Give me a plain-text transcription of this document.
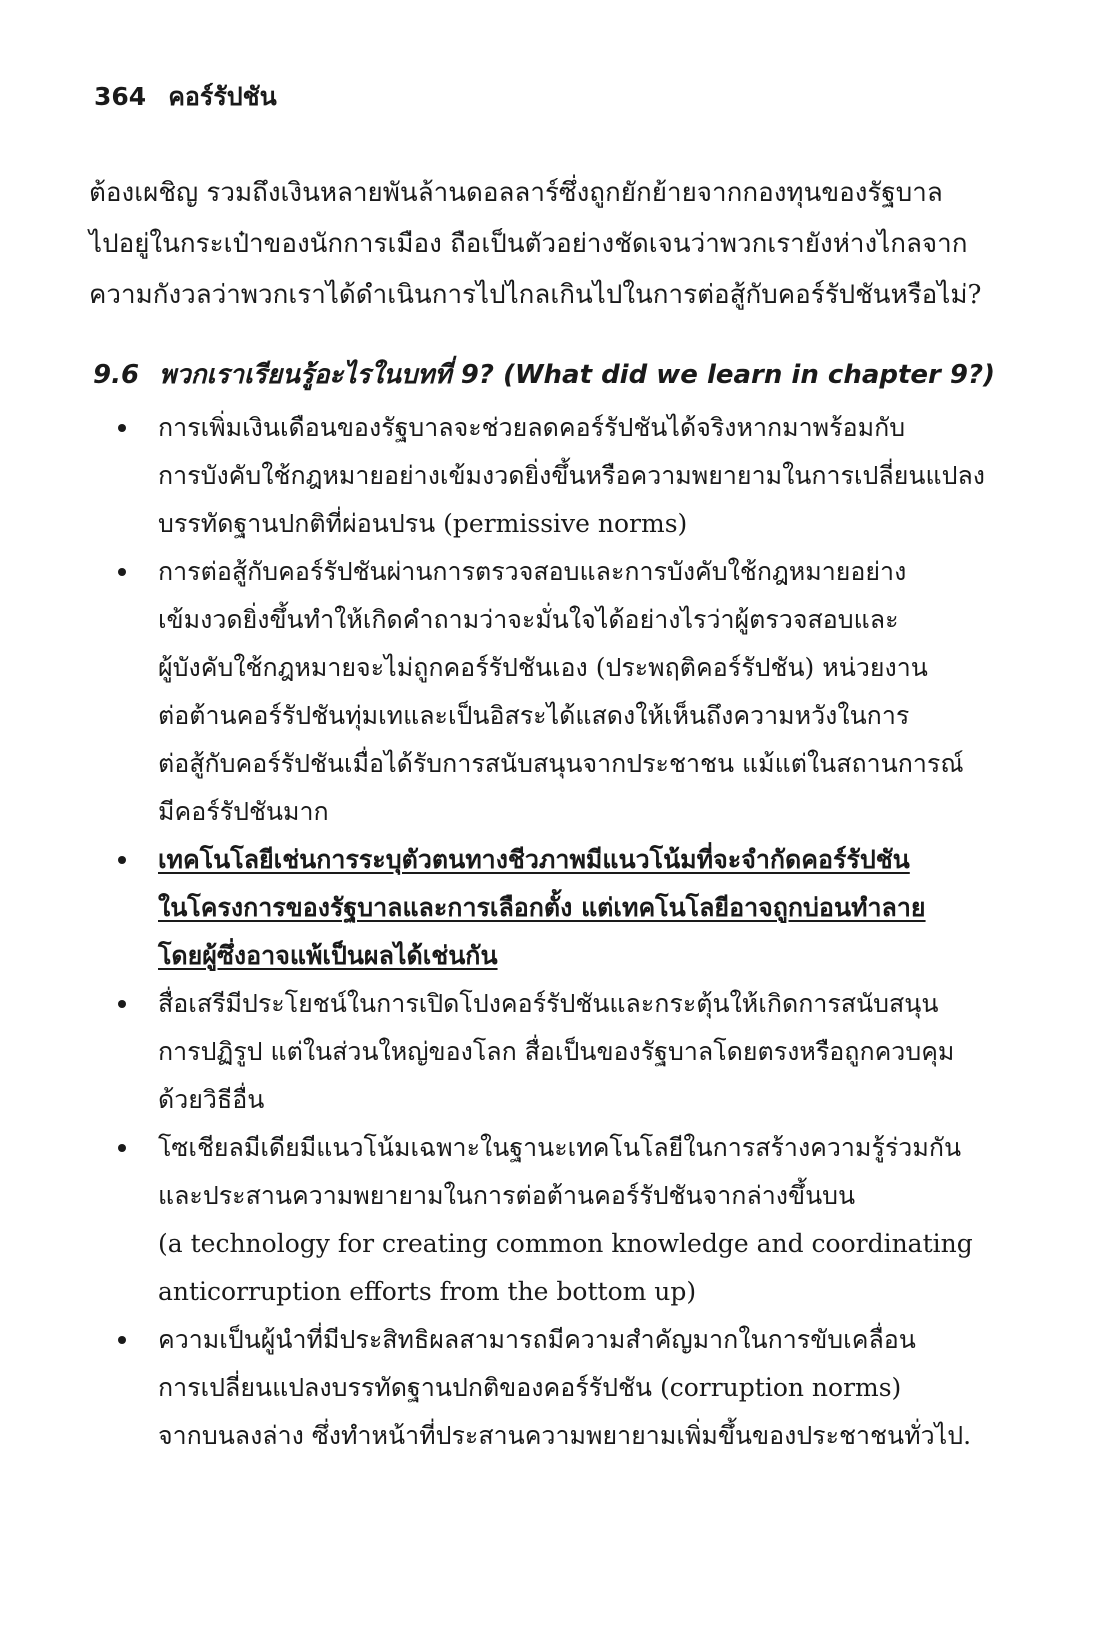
364 คอร์รัปชัน
ต้องเผชิญ รวมถึงเงินหลายพันล้านดอลลาร์ซึ่งถูกยักย้ายจากกองทุนของรัฐบาล
ไปอยู่ในกระเป๋าของนักการเมือง ถือเป็นตัวอย่างชัดเจนว่าพวกเรายังห่างไกลจาก
ความกังวลว่าพวกเราได้ดำเนินการไปไกลเกินไปในการต่อสู้กับคอร์รัปชันหรือไม่?
9.6 พวกเราเรียนรู้อะไรในบทที่ 9? (What did we learn in chapter 9?)
การเพิ่มเงินเดือนของรัฐบาลจะช่วยลดคอร์รัปชันได้จริงหากมาพร้อมกับ
การบังคับใช้กฎหมายอย่างเข้มงวดยิ่งขึ้นหรือความพยายามในการเปลี่ยนแปลง
บรรทัดฐานปกติที่ผ่อนปรน (permissive norms)
การต่อสู้กับคอร์รัปชันผ่านการตรวจสอบและการบังคับใช้กฎหมายอย่าง
เข้มงวดยิ่งขึ้นทำให้เกิดคำถามว่าจะมั่นใจได้อย่างไรว่าผู้ตรวจสอบและ
ผู้บังคับใช้กฎหมายจะไม่ถูกคอร์รัปชันเอง (ประพฤติคอร์รัปชัน) หน่วยงาน
ต่อต้านคอร์รัปชันทุ่มเทและเป็นอิสระได้แสดงให้เห็นถึงความหวังในการ
ต่อสู้กับคอร์รัปชันเมื่อได้รับการสนับสนุนจากประชาชน แม้แต่ในสถานการณ์
มีคอร์รัปชันมาก
เทคโนโลยีเช่นการระบุตัวตนทางชีวภาพมีแนวโน้มที่จะจำกัดคอร์รัปชัน
ในโครงการของรัฐบาลและการเลือกตั้ง แต่เทคโนโลยีอาจถูกบ่อนทำลาย
โดยผู้ซึ่งอาจแพ้เป็นผลได้เช่นกัน
สื่อเสรีมีประโยชน์ในการเปิดโปงคอร์รัปชันและกระตุ้นให้เกิดการสนับสนุน
การปฏิรูป แต่ในส่วนใหญ่ของโลก สื่อเป็นของรัฐบาลโดยตรงหรือถูกควบคุม
ด้วยวิธีอื่น
โซเชียลมีเดียมีแนวโน้มเฉพาะในฐานะเทคโนโลยีในการสร้างความรู้ร่วมกัน
และประสานความพยายามในการต่อต้านคอร์รัปชันจากล่างขึ้นบน
(a technology for creating common knowledge and coordinating
anticorruption efforts from the bottom up)
ความเป็นผู้นำที่มีประสิทธิผลสามารถมีความสำคัญมากในการขับเคลื่อน
การเปลี่ยนแปลงบรรทัดฐานปกติของคอร์รัปชัน (corruption norms)
จากบนลงล่าง ซึ่งทำหน้าที่ประสานความพยายามเพิ่มขึ้นของประชาชนทั่วไป.
